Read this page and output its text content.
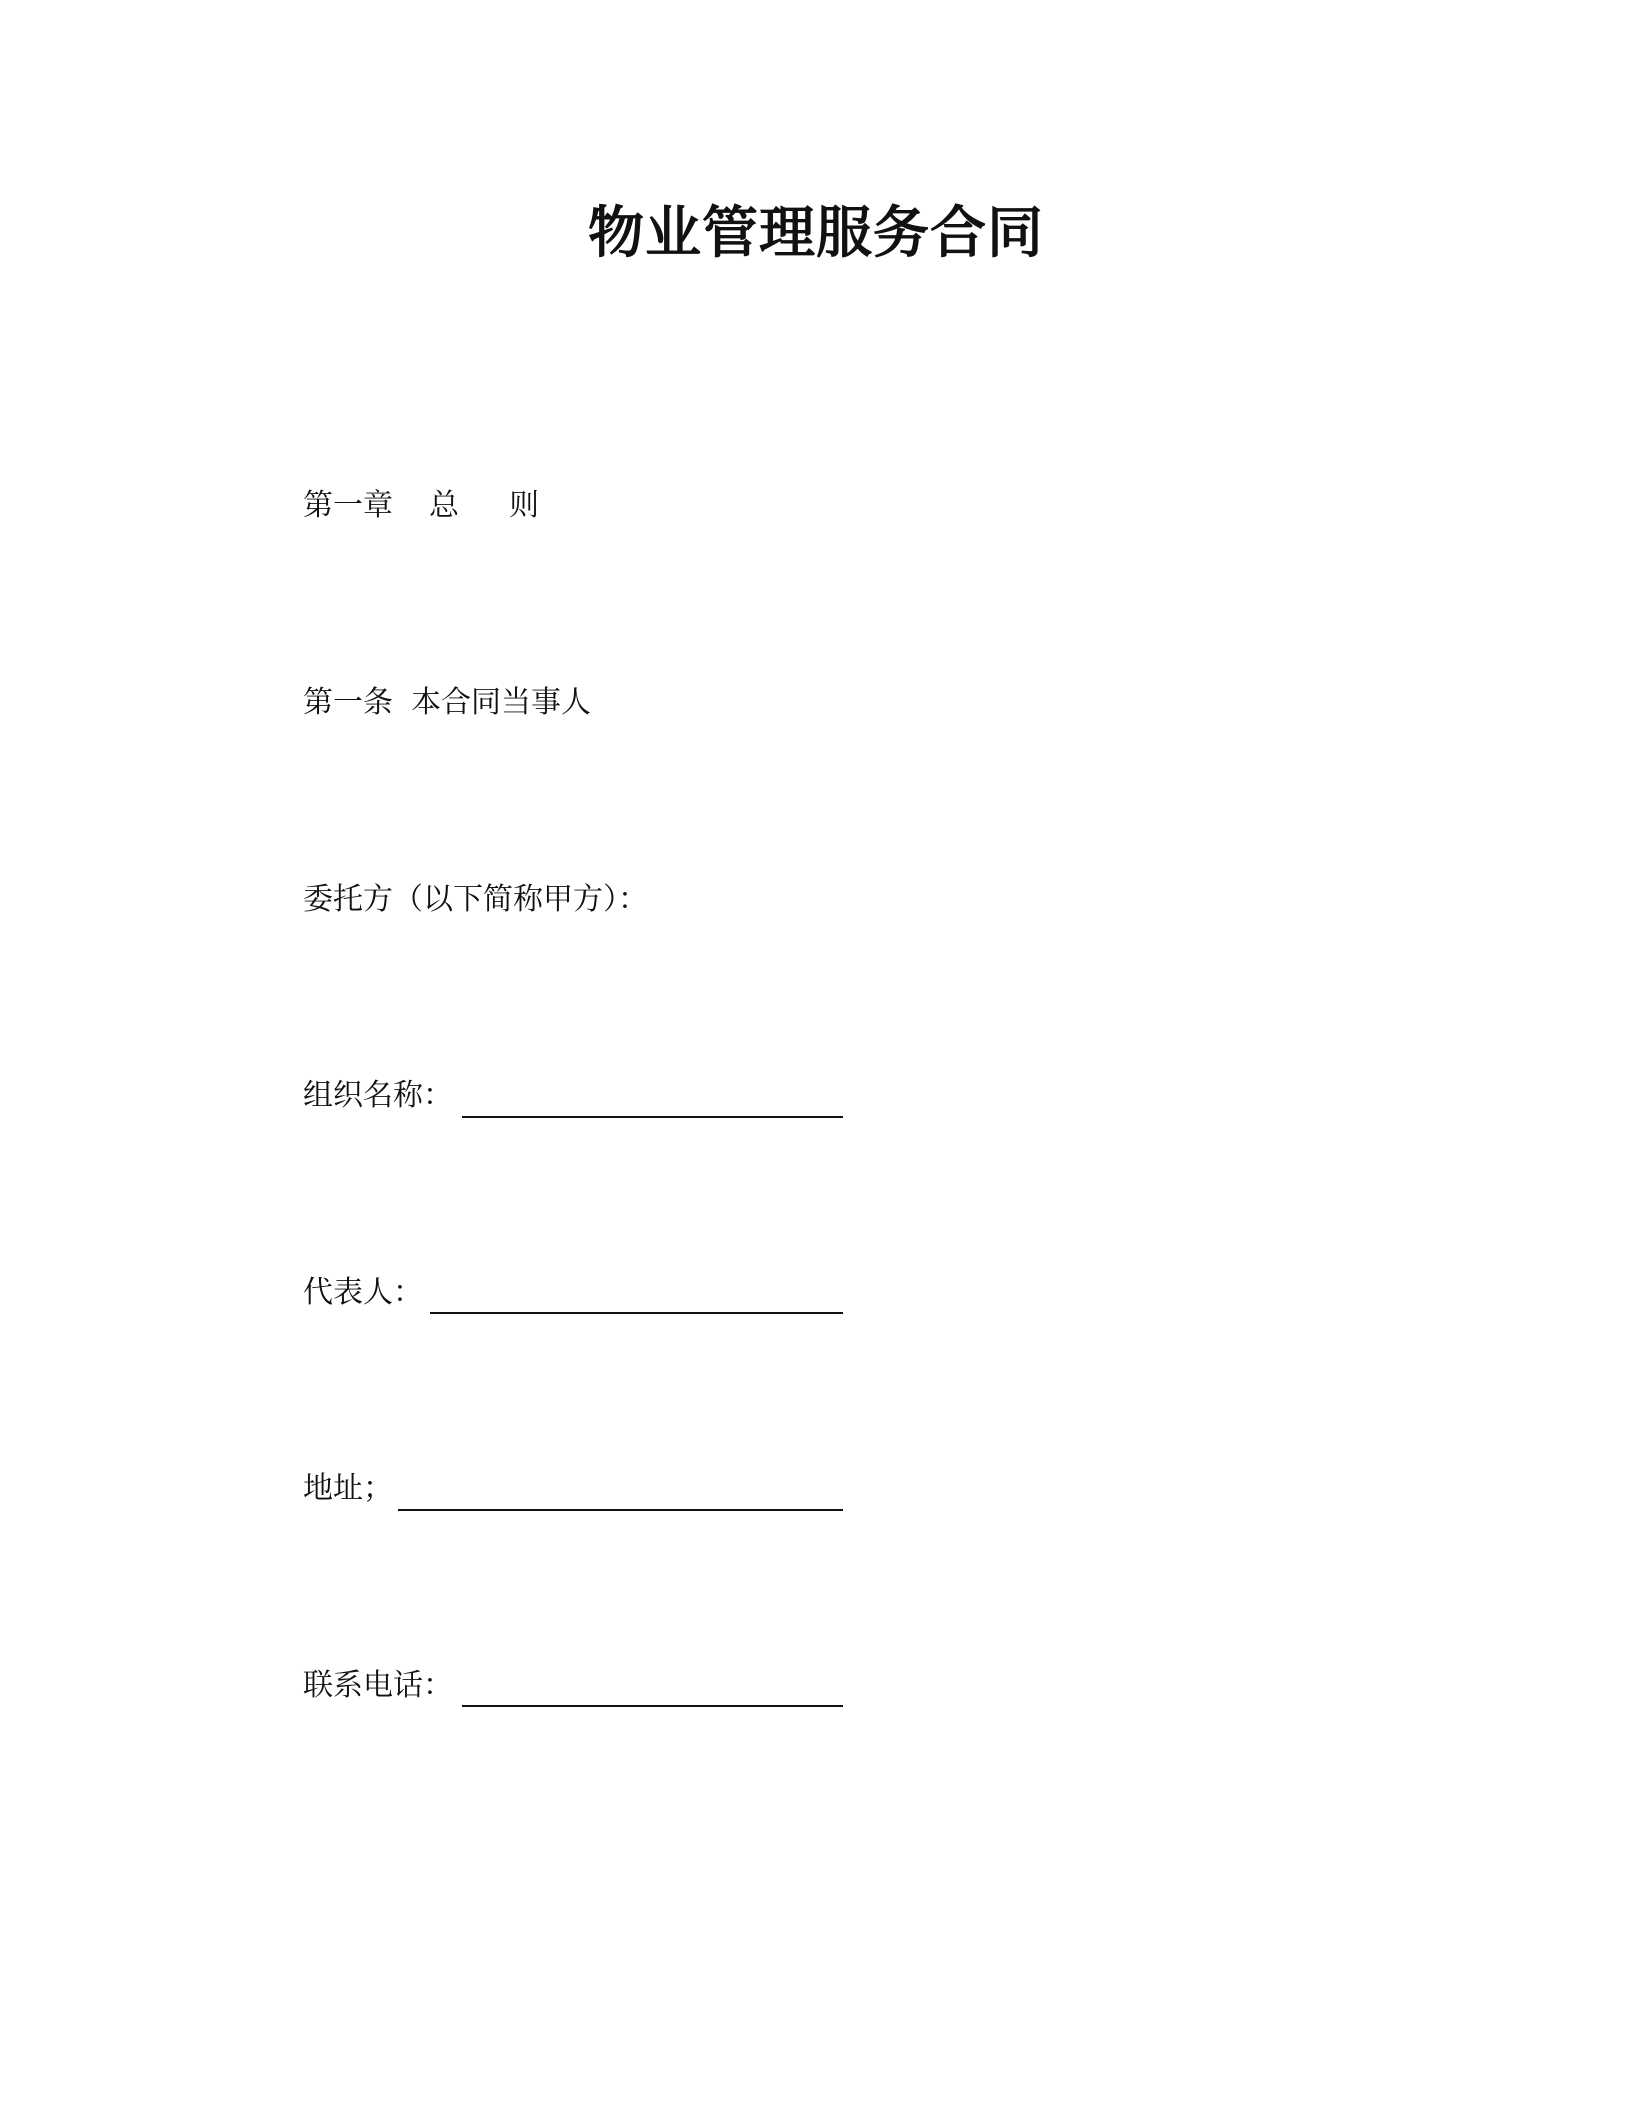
物业管理服务合同
第一章 总 则
第一条 本合同当事人
委托方（以下简称甲方）：
组织名称：
代表人：
地址；
联系电话：
